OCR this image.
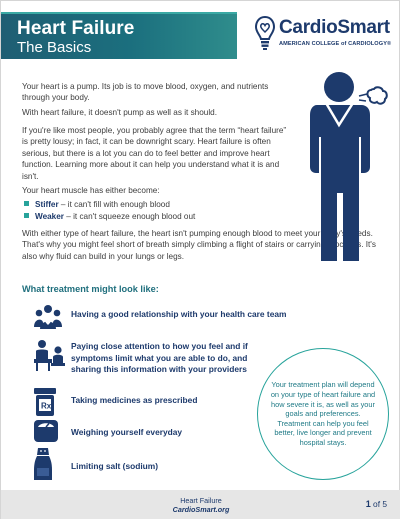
Heart Failure
The Basics
CardioSmart
AMERICAN COLLEGE of CARDIOLOGY®
Your heart is a pump. Its job is to move blood, oxygen, and nutrients through your body.
With heart failure, it doesn't pump as well as it should.
If you're like most people, you probably agree that the term “heart failure” is pretty lousy; in fact, it can be downright scary. Heart failure is often serious, but there is a lot you can do to feel better and improve heart function. Learning more about it can help you understand what it is and isn't.
Your heart muscle has either become:
Stiffer – it can't fill with enough blood
Weaker – it can't squeeze enough blood out
With either type of heart failure, the heart isn't pumping enough blood to meet your body's needs. That's why you might feel short of breath simply climbing a flight of stairs or carrying groceries. It's also why fluid can build in your lungs or legs.
What treatment might look like:
Having a good relationship with your health care team
Paying close attention to how you feel and if symptoms limit what you are able to do, and sharing this information with your providers
Rx
Taking medicines as prescribed
Weighing yourself everyday
Limiting salt (sodium)
Your treatment plan will depend on your type of heart failure and how severe it is, as well as your goals and preferences. Treatment can help you feel better, live longer and prevent hospital stays.
Heart Failure
CardioSmart.org
1 of 5
